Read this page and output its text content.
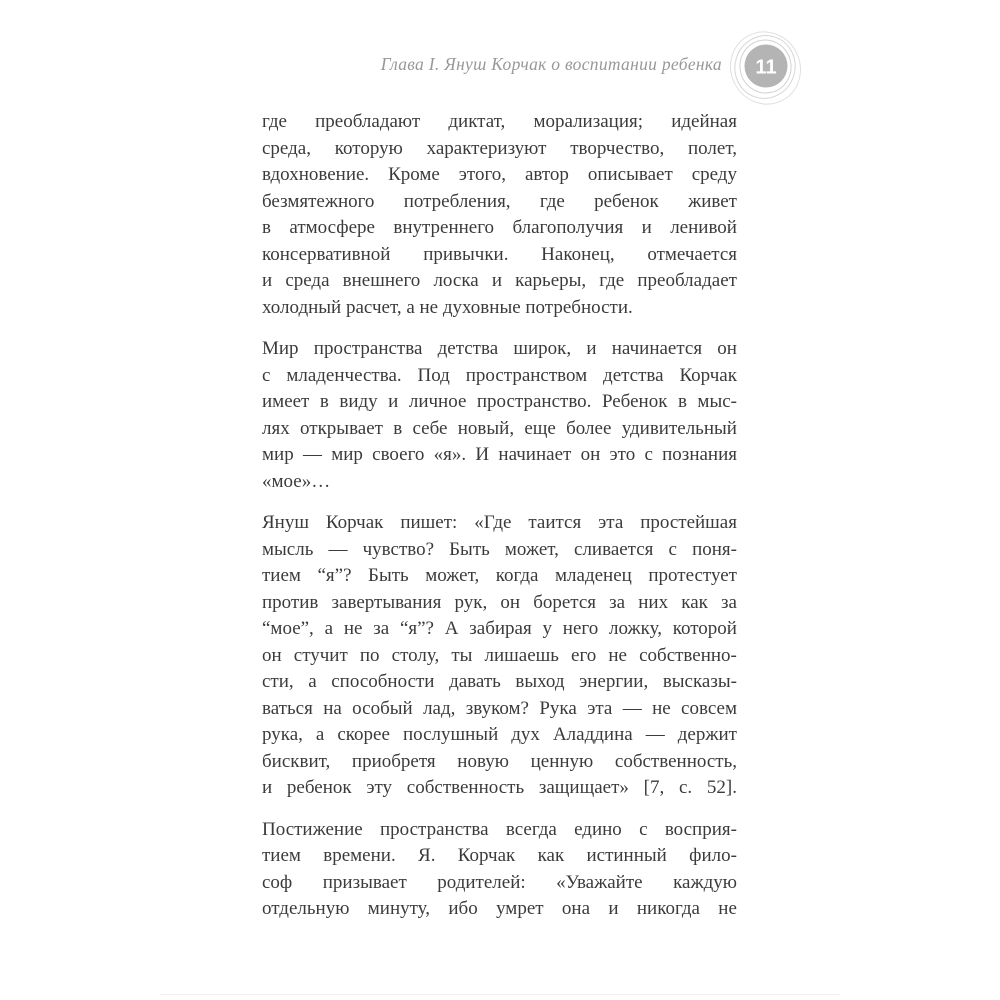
Глава I. Януш Корчак о воспитании ребенка 11

где преобладают диктат, морализация; идейная
среда, которую характеризуют творчество, полет,
вдохновение. Кроме этого, автор описывает среду
безмятежного потребления, где ребенок живет
в атмосфере внутреннего благополучия и ленивой
консервативной привычки. Наконец, отмечается
и среда внешнего лоска и карьеры, где преобладает
холодный расчет, а не духовные потребности.

Мир пространства детства широк, и начинается он
с младенчества. Под пространством детства Корчак
имеет в виду и личное пространство. Ребенок в мыс-
лях открывает в себе новый, еще более удивительный
мир — мир своего «я». И начинает он это с познания
«мое»…

Януш Корчак пишет: «Где таится эта простейшая
мысль — чувство? Быть может, сливается с поня-
тием “я”? Быть может, когда младенец протестует
против завертывания рук, он борется за них как за
“мое”, а не за “я”? А забирая у него ложку, которой
он стучит по столу, ты лишаешь его не собственно-
сти, а способности давать выход энергии, высказы-
ваться на особый лад, звуком? Рука эта — не совсем
рука, а скорее послушный дух Аладдина — держит
бисквит, приобретя новую ценную собственность,
и ребенок эту собственность защищает» [7, с. 52].

Постижение пространства всегда едино с восприя-
тием времени. Я. Корчак как истинный фило-
соф призывает родителей: «Уважайте каждую
отдельную минуту, ибо умрет она и никогда не
